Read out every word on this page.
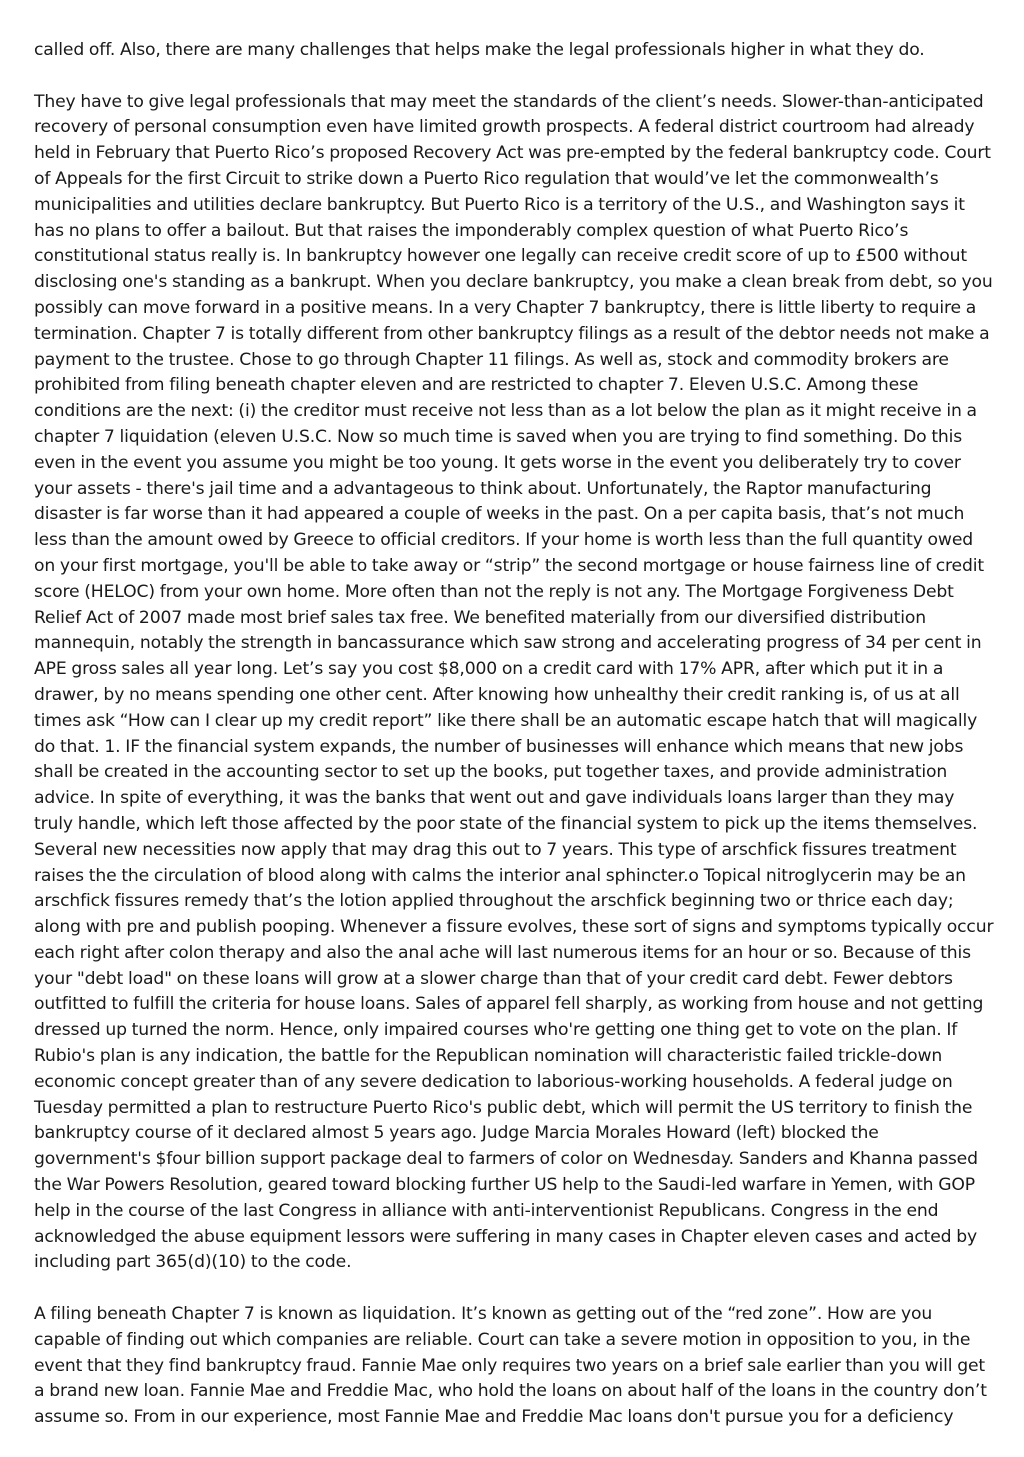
called off. Also, there are many challenges that helps make the legal professionals higher in what they do.

They have to give legal professionals that may meet the standards of the client’s needs. Slower-than-anticipated recovery of personal consumption even have limited growth prospects. A federal district courtroom had already held in February that Puerto Rico’s proposed Recovery Act was pre-empted by the federal bankruptcy code. Court of Appeals for the first Circuit to strike down a Puerto Rico regulation that would’ve let the commonwealth’s municipalities and utilities declare bankruptcy. But Puerto Rico is a territory of the U.S., and Washington says it has no plans to offer a bailout. But that raises the imponderably complex question of what Puerto Rico’s constitutional status really is. In bankruptcy however one legally can receive credit score of up to £500 without disclosing one's standing as a bankrupt. When you declare bankruptcy, you make a clean break from debt, so you possibly can move forward in a positive means. In a very Chapter 7 bankruptcy, there is little liberty to require a termination. Chapter 7 is totally different from other bankruptcy filings as a result of the debtor needs not make a payment to the trustee. Chose to go through Chapter 11 filings. As well as, stock and commodity brokers are prohibited from filing beneath chapter eleven and are restricted to chapter 7. Eleven U.S.C. Among these conditions are the next: (i) the creditor must receive not less than as a lot below the plan as it might receive in a chapter 7 liquidation (eleven U.S.C. Now so much time is saved when you are trying to find something. Do this even in the event you assume you might be too young. It gets worse in the event you deliberately try to cover your assets - there's jail time and a advantageous to think about. Unfortunately, the Raptor manufacturing disaster is far worse than it had appeared a couple of weeks in the past. On a per capita basis, that’s not much less than the amount owed by Greece to official creditors. If your home is worth less than the full quantity owed on your first mortgage, you'll be able to take away or “strip” the second mortgage or house fairness line of credit score (HELOC) from your own home. More often than not the reply is not any. The Mortgage Forgiveness Debt Relief Act of 2007 made most brief sales tax free. We benefited materially from our diversified distribution mannequin, notably the strength in bancassurance which saw strong and accelerating progress of 34 per cent in APE gross sales all year long. Let’s say you cost $8,000 on a credit card with 17% APR, after which put it in a drawer, by no means spending one other cent. After knowing how unhealthy their credit ranking is, of us at all times ask “How can I clear up my credit report” like there shall be an automatic escape hatch that will magically do that. 1. IF the financial system expands, the number of businesses will enhance which means that new jobs shall be created in the accounting sector to set up the books, put together taxes, and provide administration advice. In spite of everything, it was the banks that went out and gave individuals loans larger than they may truly handle, which left those affected by the poor state of the financial system to pick up the items themselves. Several new necessities now apply that may drag this out to 7 years. This type of arschfick fissures treatment raises the the circulation of blood along with calms the interior anal sphincter.o Topical nitroglycerin may be an arschfick fissures remedy that’s the lotion applied throughout the arschfick beginning two or thrice each day; along with pre and publish pooping. Whenever a fissure evolves, these sort of signs and symptoms typically occur each right after colon therapy and also the anal ache will last numerous items for an hour or so. Because of this your "debt load" on these loans will grow at a slower charge than that of your credit card debt. Fewer debtors outfitted to fulfill the criteria for house loans. Sales of apparel fell sharply, as working from house and not getting dressed up turned the norm. Hence, only impaired courses who're getting one thing get to vote on the plan. If Rubio's plan is any indication, the battle for the Republican nomination will characteristic failed trickle-down economic concept greater than of any severe dedication to laborious-working households. A federal judge on Tuesday permitted a plan to restructure Puerto Rico's public debt, which will permit the US territory to finish the bankruptcy course of it declared almost 5 years ago. Judge Marcia Morales Howard (left) blocked the government's $four billion support package deal to farmers of color on Wednesday. Sanders and Khanna passed the War Powers Resolution, geared toward blocking further US help to the Saudi-led warfare in Yemen, with GOP help in the course of the last Congress in alliance with anti-interventionist Republicans. Congress in the end acknowledged the abuse equipment lessors were suffering in many cases in Chapter eleven cases and acted by including part 365(d)(10) to the code.

A filing beneath Chapter 7 is known as liquidation. It’s known as getting out of the “red zone”. How are you capable of finding out which companies are reliable. Court can take a severe motion in opposition to you, in the event that they find bankruptcy fraud. Fannie Mae only requires two years on a brief sale earlier than you will get a brand new loan. Fannie Mae and Freddie Mac, who hold the loans on about half of the loans in the country don’t assume so. From in our experience, most Fannie Mae and Freddie Mac loans don't pursue you for a deficiency
